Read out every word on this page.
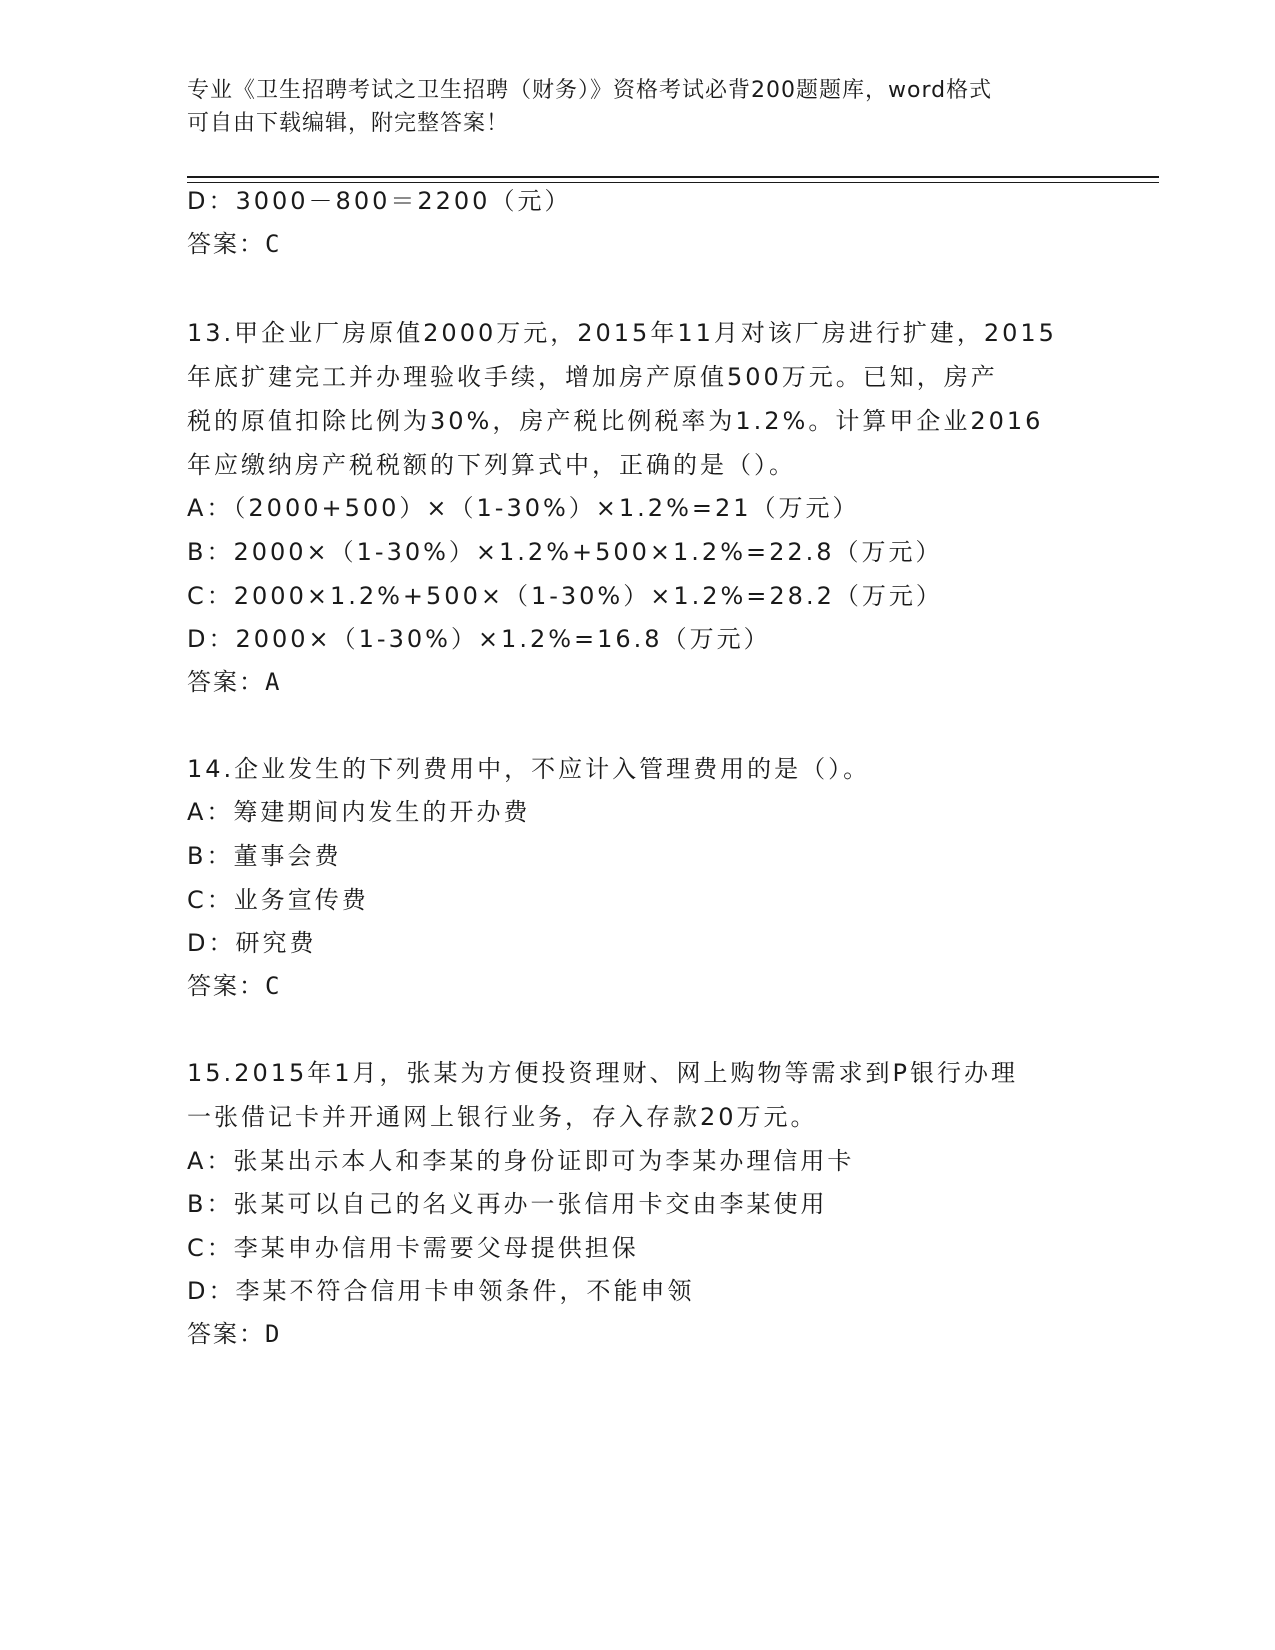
专业《卫生招聘考试之卫生招聘（财务）》资格考试必背200题题库，word格式
可自由下载编辑，附完整答案！
D：3000－800＝2200（元）
答案：C
13.甲企业厂房原值2000万元，2015年11月对该厂房进行扩建，2015
年底扩建完工并办理验收手续，增加房产原值500万元。已知，房产
税的原值扣除比例为30%，房产税比例税率为1.2%。计算甲企业2016
年应缴纳房产税税额的下列算式中，正确的是（）。
A：（2000+500）×（1-30%）×1.2%=21（万元）
B：2000×（1-30%）×1.2%+500×1.2%=22.8（万元）
C：2000×1.2%+500×（1-30%）×1.2%=28.2（万元）
D：2000×（1-30%）×1.2%=16.8（万元）
答案：A
14.企业发生的下列费用中，不应计入管理费用的是（）。
A：筹建期间内发生的开办费
B：董事会费
C：业务宣传费
D：研究费
答案：C
15.2015年1月，张某为方便投资理财、网上购物等需求到P银行办理
一张借记卡并开通网上银行业务，存入存款20万元。
A：张某出示本人和李某的身份证即可为李某办理信用卡
B：张某可以自己的名义再办一张信用卡交由李某使用
C：李某申办信用卡需要父母提供担保
D：李某不符合信用卡申领条件，不能申领
答案：D
